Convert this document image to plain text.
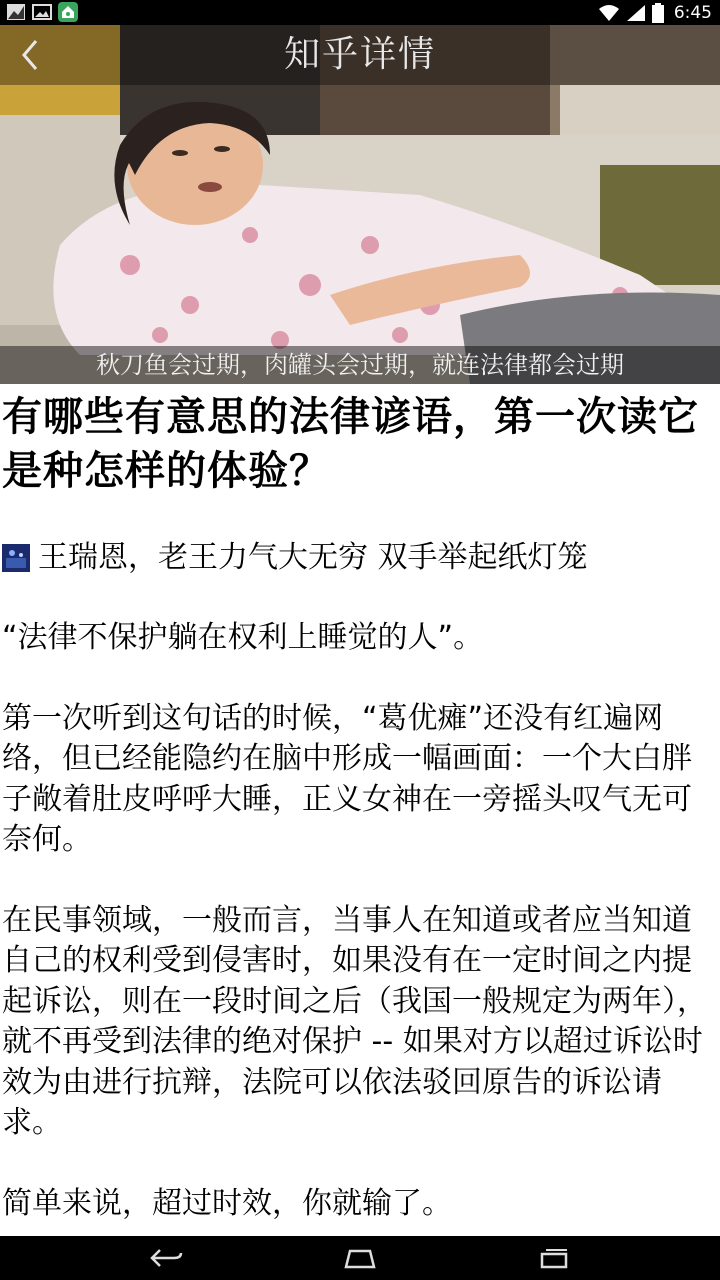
6:45
知乎详情
秋刀鱼会过期，肉罐头会过期，就连法律都会过期
有哪些有意思的法律谚语，第一次读它是种怎样的体验？
王瑞恩，老王力气大无穷 双手举起纸灯笼

“法律不保护躺在权利上睡觉的人”。

第一次听到这句话的时候，“葛优瘫”还没有红遍网络，但已经能隐约在脑中形成一幅画面：一个大白胖子敞着肚皮呼呼大睡，正义女神在一旁摇头叹气无可奈何。

在民事领域，一般而言，当事人在知道或者应当知道自己的权利受到侵害时，如果没有在一定时间之内提起诉讼，则在一段时间之后（我国一般规定为两年），就不再受到法律的绝对保护 -- 如果对方以超过诉讼时效为由进行抗辩，法院可以依法驳回原告的诉讼请求。

简单来说，超过时效，你就输了。
